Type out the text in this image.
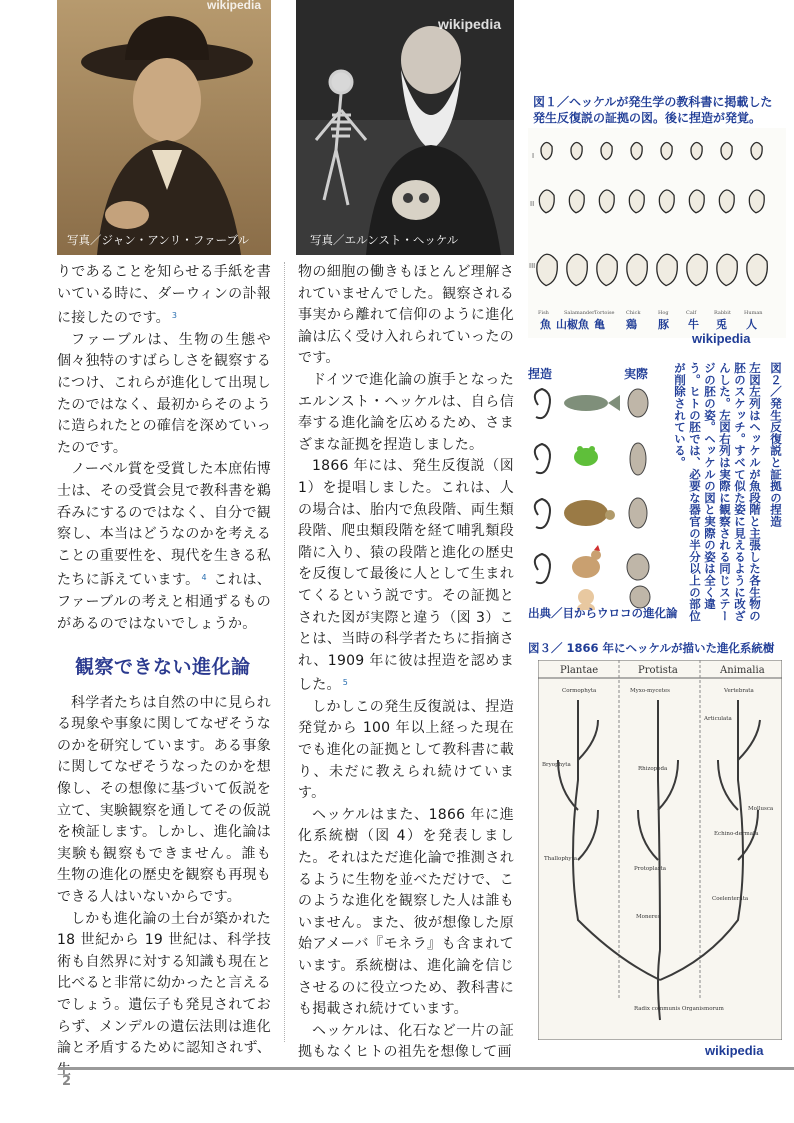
wikipedia
写真／ジャン・アンリ・ファーブル
wikipedia
写真／エルンスト・ヘッケル

りであることを知らせる手紙を書いている時に、ダーウィンの訃報に接したのです。 $^3$

ファーブルは、生物の生態や個々独特のすばらしさを観察するにつけ、これらが進化して出現したのではなく、最初からそのように造られたとの確信を深めていったのです。

ノーベル賞を受賞した本庶佑博士は、その受賞会見で教科書を鵜呑みにするのではなく、自分で観察し、本当はどうなのかを考えることの重要性を、現代を生きる私たちに訴えています。 $^4$ これは、ファーブルの考えと相通ずるものがあるのではないでしょうか。

観察できない進化論

科学者たちは自然の中に見られる現象や事象に関してなぜそうなのかを研究しています。ある事象に関してなぜそうなったのかを想像し、その想像に基づいて仮説を立て、実験観察を通してその仮説を検証します。しかし、進化論は実験も観察もできません。誰も生物の進化の歴史を観察も再現もできる人はいないからです。

しかも進化論の土台が築かれた18 世紀から 19 世紀は、科学技術も自然界に対する知識も現在と比べると非常に幼かったと言えるでしょう。遺伝子も発見されておらず、メンデルの遺伝法則は進化論と矛盾するために認知されず、

物の細胞の働きもほとんど理解されていませんでした。観察される事実から離れて信仰のように進化論は広く受け入れられていったのです。

ドイツで進化論の旗手となったエルンスト・ヘッケルは、自ら信奉する進化論を広めるため、さまざまな証拠を捏造しました。

1866 年には、発生反復説（図1）を提唱しました。これは、人の場合は、胎内で魚段階、両生類段階、爬虫類段階を経て哺乳類段階に入り、猿の段階と進化の歴史を反復して最後に人として生まれてくるという説です。その証拠とされた図が実際と違う（図 3）ことは、当時の科学者たちに指摘され、1909 年に彼は捏造を認めました。 $^5$

しかしこの発生反復説は、捏造発覚から 100 年以上経った現在でも進化の証拠として教科書に載り、未だに教えられ続けています。

ヘッケルはまた、1866 年に進化系統樹（図 4）を発表しました。それはただ進化論で推測されるように生物を並べただけで、このような進化を観察した人は誰もいません。また、彼が想像した原始アメーバ『モネラ』も含まれています。系統樹は、進化論を信じさせるのに役立つため、教科書にも掲載され続けています。

ヘッケルは、化石など一片の証拠もなくヒトの祖先を想像して画

図１／ヘッケルが発生学の教科書に掲載した発生反復説の証拠の図。後に捏造が発覚。
I
II
III
Fish	Salamander Tortoise Chick	Hog	Calf	Rabbit	Human
魚 山椒魚 亀 鶏 豚 牛 兎 人
wikipedia
捏造	実際	図２／発生反復説と証拠の捏造
左図左列はヘッケルが魚段階と主張した各生物の胚のスケッチ。すべて似た姿に見えるように改ざんした。左図右列は実際に観察される同じステージの胚の姿。ヘッケルの図と実際の姿は全く違う。ヒトの胚では、必要な器官の半分以上の部位が削除されている。
出典／目からウロコの進化論
図３／ 1866 年にヘッケルが描いた進化系統樹
Plantae	Protista	Animalia
Cormophyta	Myxo-mycetes	Vertebrata
Articulata
Bryophyta
Rhizopoda
Mollusca
Echino-dermata
Thallophyta
Protoplasta
Coelenterata
Moneres
Radix communis Organismorum
wikipedia
2
